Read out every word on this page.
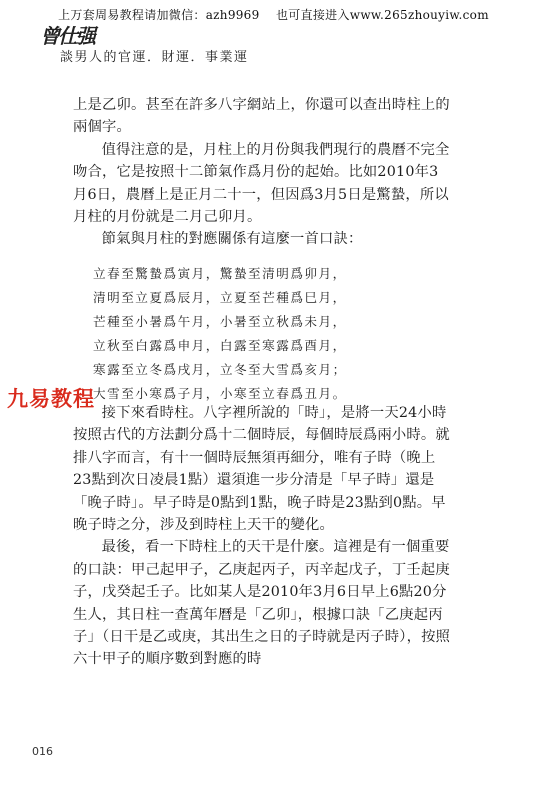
上万套周易教程请加微信：azh9969　 也可直接进入www.265zhouyiw.com
曾仕强
談男人的官運．財運．事業運

上是乙卯。甚至在許多八字網站上，你還可以查出時柱上的兩個字。

值得注意的是，月柱上的月份與我們現行的農曆不完全吻合，它是按照十二節氣作爲月份的起始。比如2010年3月6日，農曆上是正月二十一，但因爲3月5日是驚蟄，所以月柱的月份就是二月己卯月。

節氣與月柱的對應關係有這麼一首口訣：

立春至驚蟄爲寅月，驚蟄至清明爲卯月，
清明至立夏爲辰月，立夏至芒種爲巳月，
芒種至小暑爲午月，小暑至立秋爲未月，
立秋至白露爲申月，白露至寒露爲酉月，
寒露至立冬爲戌月，立冬至大雪爲亥月；
大雪至小寒爲子月，小寒至立春爲丑月。

接下來看時柱。八字裡所說的「時」，是將一天24小時按照古代的方法劃分爲十二個時辰，每個時辰爲兩小時。就排八字而言，有十一個時辰無須再細分，唯有子時（晚上23點到次日凌晨1點）還須進一步分清是「早子時」還是「晚子時」。早子時是0點到1點，晚子時是23點到0點。早晚子時之分，涉及到時柱上天干的變化。

最後，看一下時柱上的天干是什麼。這裡是有一個重要的口訣：甲己起甲子，乙庚起丙子，丙辛起戊子，丁壬起庚子，戊癸起壬子。比如某人是2010年3月6日早上6點20分生人，其日柱一查萬年曆是「乙卯」，根據口訣「乙庚起丙子」（日干是乙或庚，其出生之日的子時就是丙子時），按照六十甲子的順序數到對應的時

九易教程
016
